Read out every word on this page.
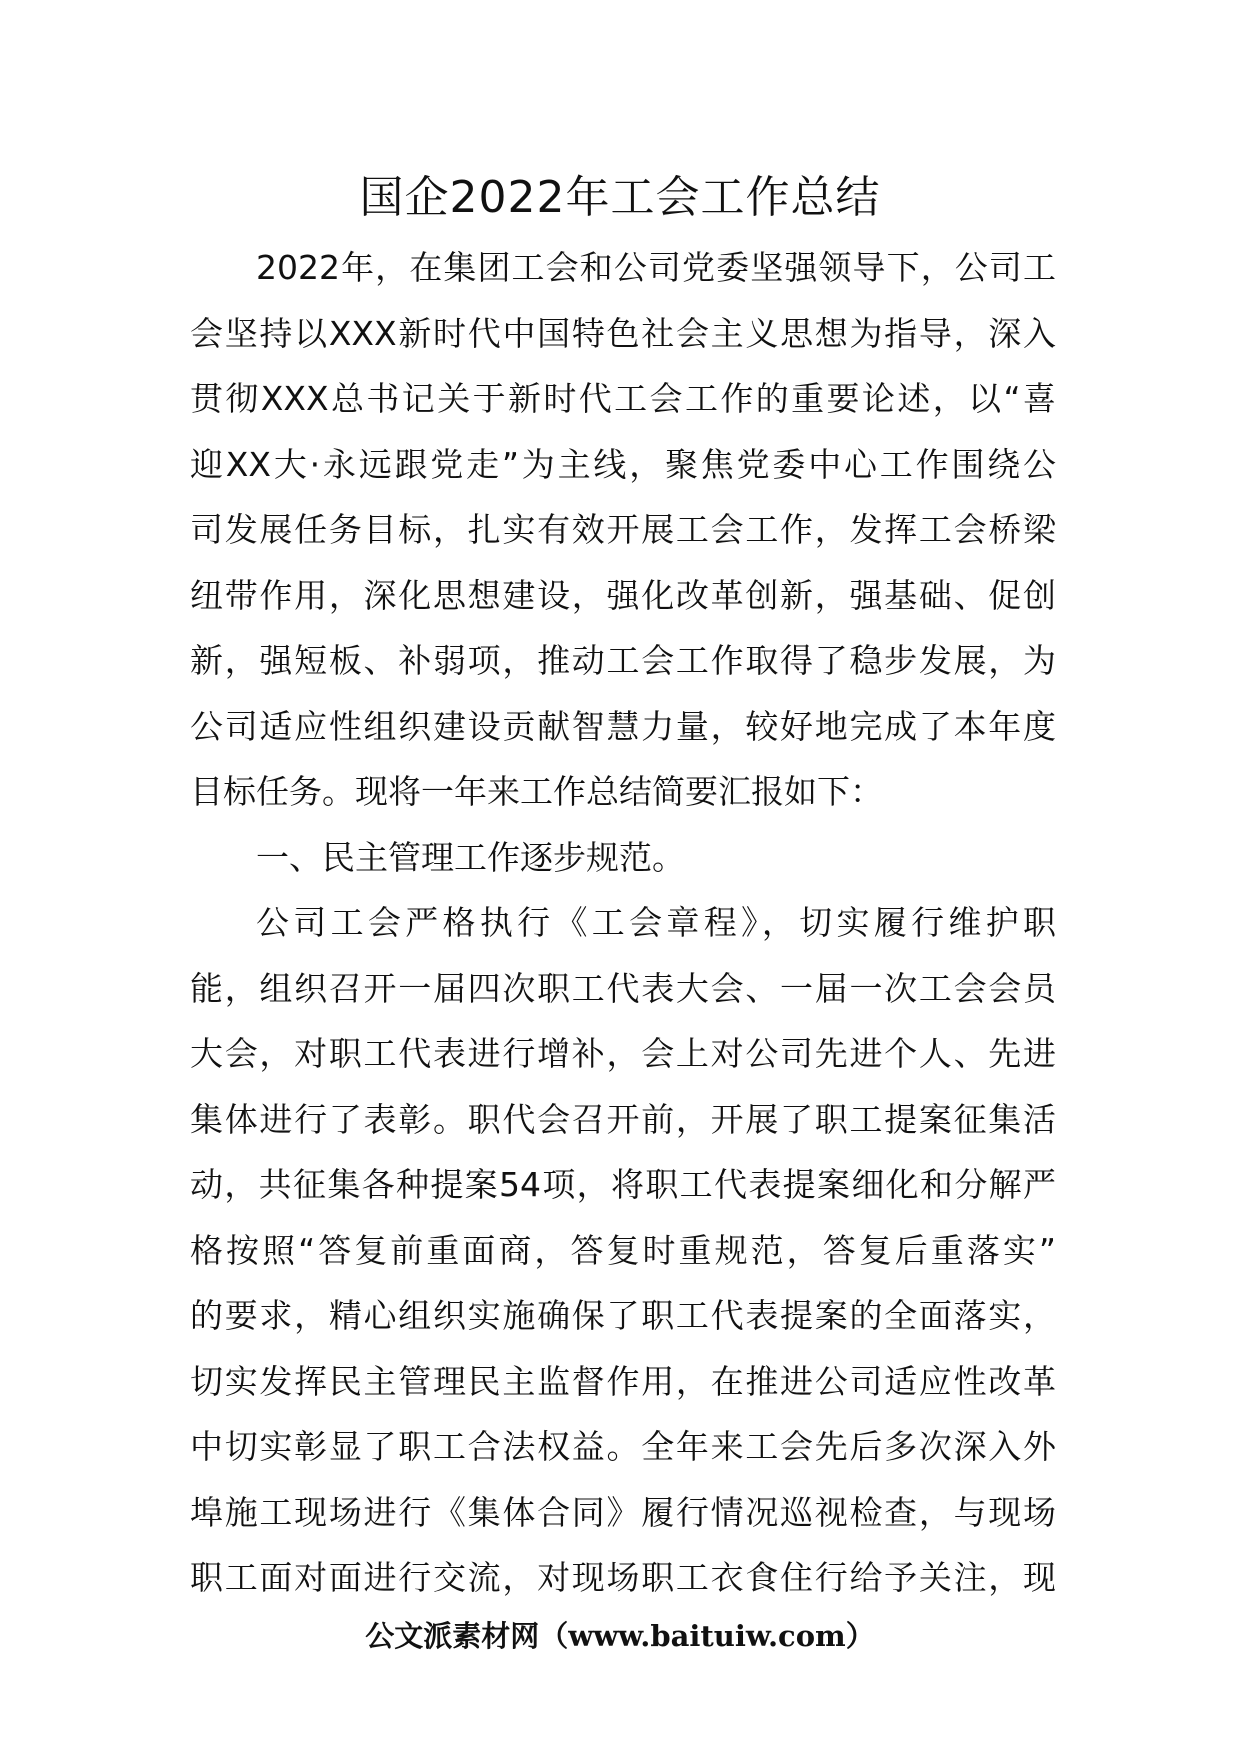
国企2022年工会工作总结
2022年，在集团工会和公司党委坚强领导下，公司工
会坚持以XXX新时代中国特色社会主义思想为指导，深入
贯彻XXX总书记关于新时代工会工作的重要论述，以“喜
迎XX大·永远跟党走”为主线，聚焦党委中心工作围绕公
司发展任务目标，扎实有效开展工会工作，发挥工会桥梁
纽带作用，深化思想建设，强化改革创新，强基础、促创
新，强短板、补弱项，推动工会工作取得了稳步发展，为
公司适应性组织建设贡献智慧力量，较好地完成了本年度
目标任务。现将一年来工作总结简要汇报如下：
一、民主管理工作逐步规范。
公司工会严格执行《工会章程》，切实履行维护职
能，组织召开一届四次职工代表大会、一届一次工会会员
大会，对职工代表进行增补，会上对公司先进个人、先进
集体进行了表彰。职代会召开前，开展了职工提案征集活
动，共征集各种提案54项，将职工代表提案细化和分解严
格按照“答复前重面商，答复时重规范，答复后重落实”
的要求，精心组织实施确保了职工代表提案的全面落实，
切实发挥民主管理民主监督作用，在推进公司适应性改革
中切实彰显了职工合法权益。全年来工会先后多次深入外
埠施工现场进行《集体合同》履行情况巡视检查，与现场
职工面对面进行交流，对现场职工衣食住行给予关注，现
公文派素材网（www.baituiw.com）
